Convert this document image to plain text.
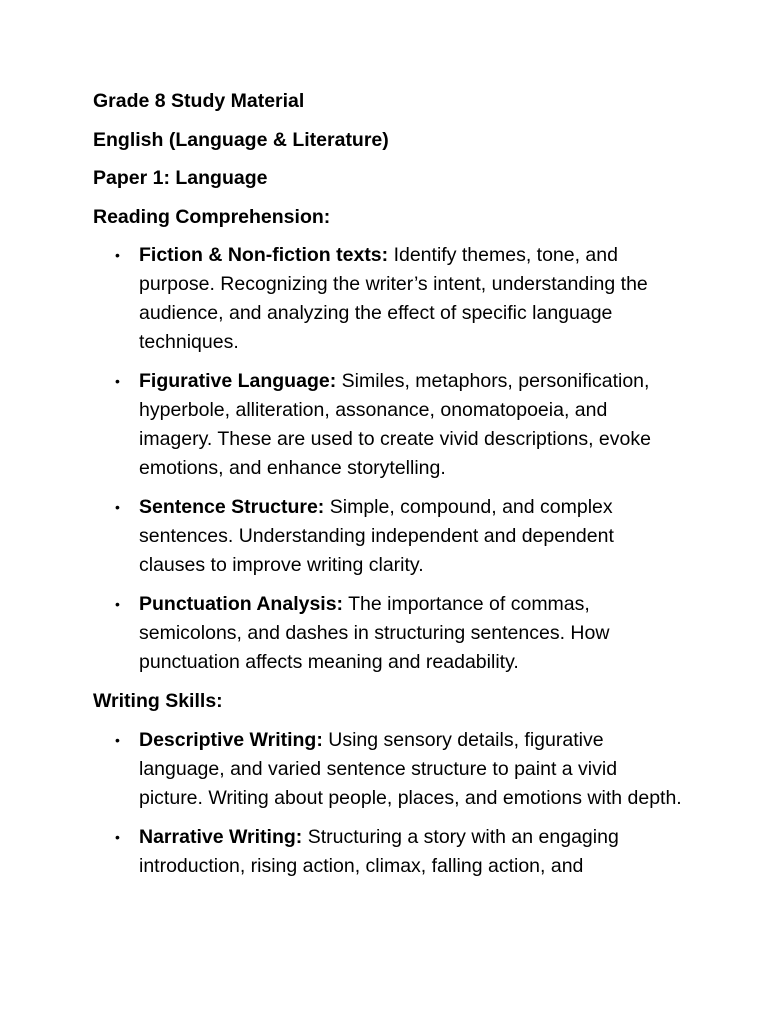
Grade 8 Study Material

English (Language & Literature)

Paper 1: Language

Reading Comprehension:

• Fiction & Non-fiction texts: Identify themes, tone, and purpose. Recognizing the writer’s intent, understanding the audience, and analyzing the effect of specific language techniques.
• Figurative Language: Similes, metaphors, personification, hyperbole, alliteration, assonance, onomatopoeia, and imagery. These are used to create vivid descriptions, evoke emotions, and enhance storytelling.
• Sentence Structure: Simple, compound, and complex sentences. Understanding independent and dependent clauses to improve writing clarity.
• Punctuation Analysis: The importance of commas, semicolons, and dashes in structuring sentences. How punctuation affects meaning and readability.

Writing Skills:

• Descriptive Writing: Using sensory details, figurative language, and varied sentence structure to paint a vivid picture. Writing about people, places, and emotions with depth.
• Narrative Writing: Structuring a story with an engaging introduction, rising action, climax, falling action, and
